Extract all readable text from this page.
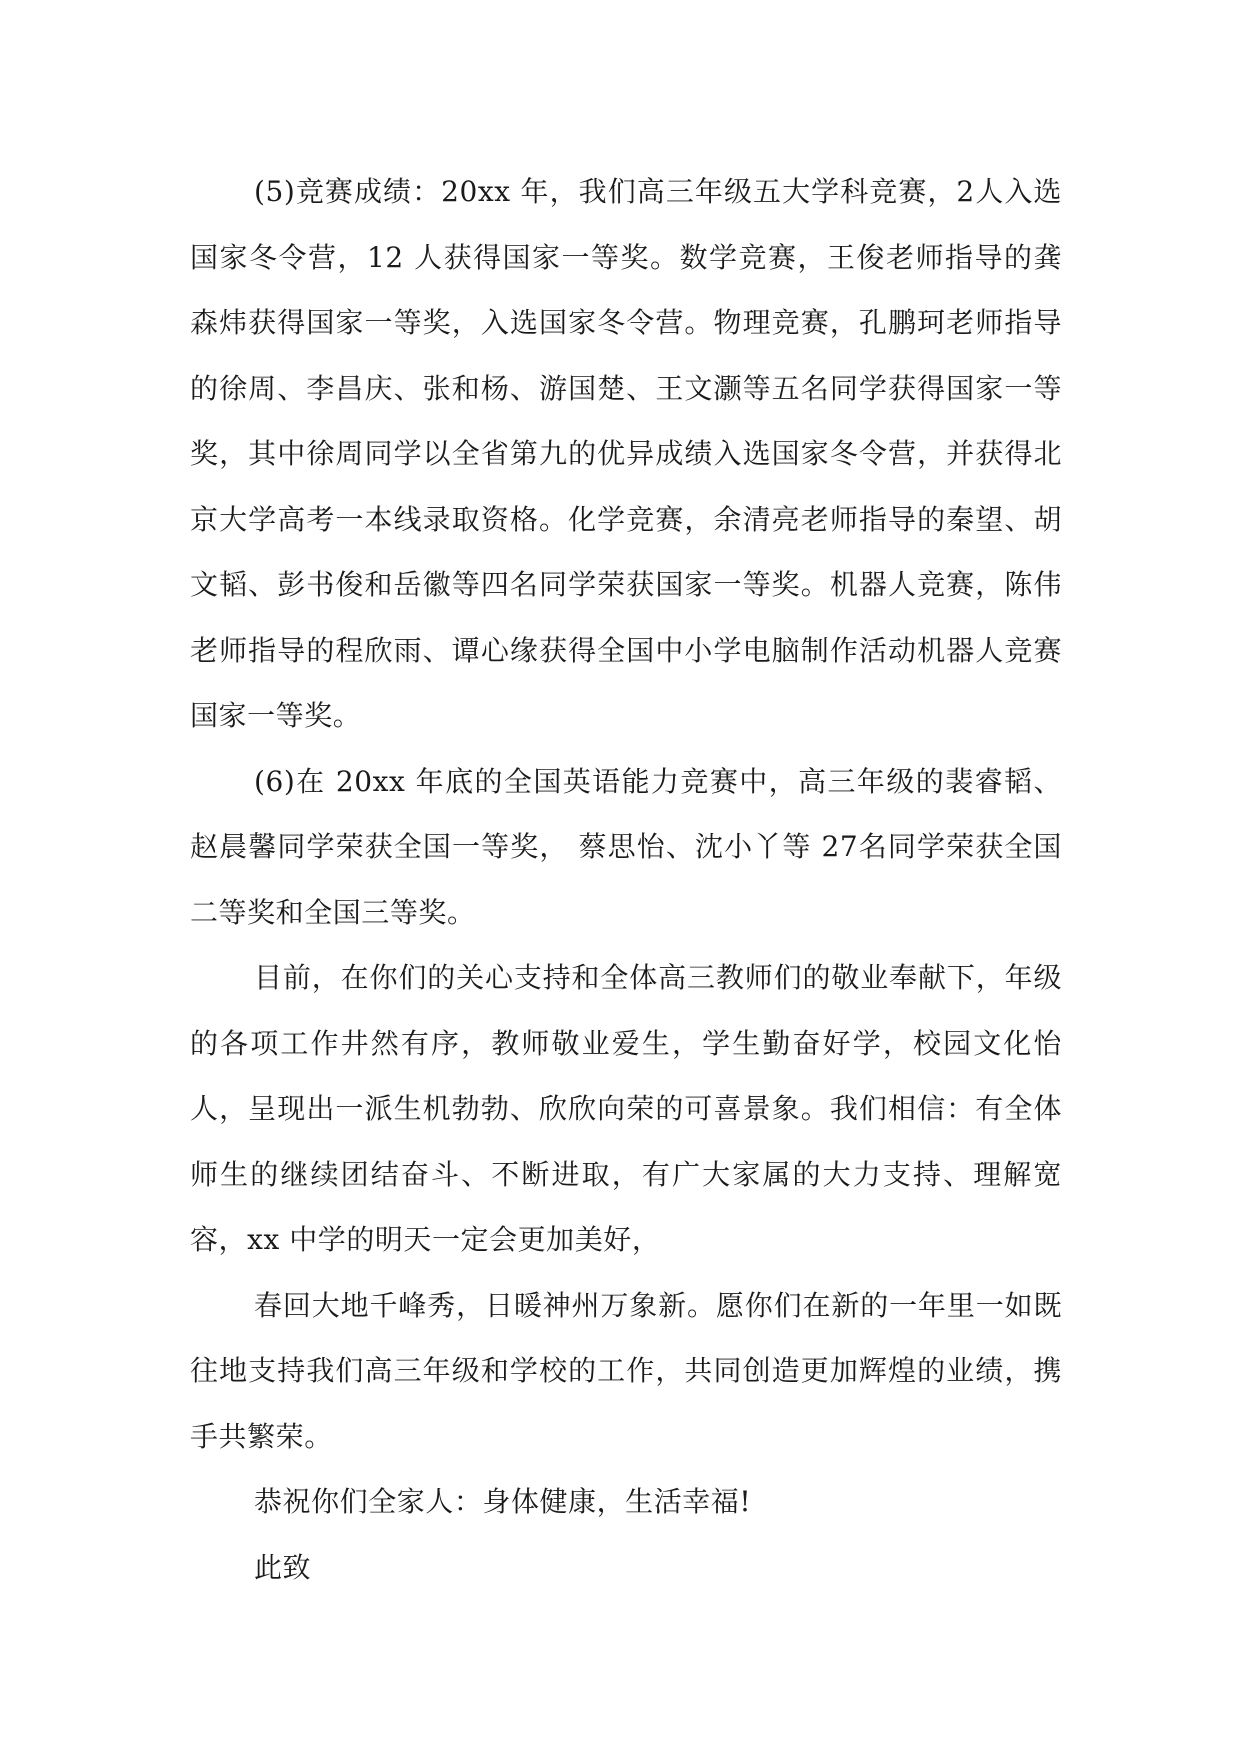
(5)竞赛成绩：20xx 年，我们高三年级五大学科竞赛，2人入选国家冬令营，12 人获得国家一等奖。数学竞赛，王俊老师指导的龚森炜获得国家一等奖，入选国家冬令营。物理竞赛，孔鹏珂老师指导的徐周、李昌庆、张和杨、游国楚、王文灏等五名同学获得国家一等奖，其中徐周同学以全省第九的优异成绩入选国家冬令营，并获得北京大学高考一本线录取资格。化学竞赛，余清亮老师指导的秦望、胡文韬、彭书俊和岳徽等四名同学荣获国家一等奖。机器人竞赛，陈伟老师指导的程欣雨、谭心缘获得全国中小学电脑制作活动机器人竞赛国家一等奖。

(6)在 20xx 年底的全国英语能力竞赛中，高三年级的裴睿韬、赵晨馨同学荣获全国一等奖， 蔡思怡、沈小丫等 27名同学荣获全国二等奖和全国三等奖。

目前，在你们的关心支持和全体高三教师们的敬业奉献下，年级的各项工作井然有序，教师敬业爱生，学生勤奋好学，校园文化怡人，呈现出一派生机勃勃、欣欣向荣的可喜景象。我们相信：有全体师生的继续团结奋斗、不断进取，有广大家属的大力支持、理解宽容，xx 中学的明天一定会更加美好，

春回大地千峰秀，日暖神州万象新。愿你们在新的一年里一如既往地支持我们高三年级和学校的工作，共同创造更加辉煌的业绩，携手共繁荣。

恭祝你们全家人：身体健康，生活幸福!

此致
